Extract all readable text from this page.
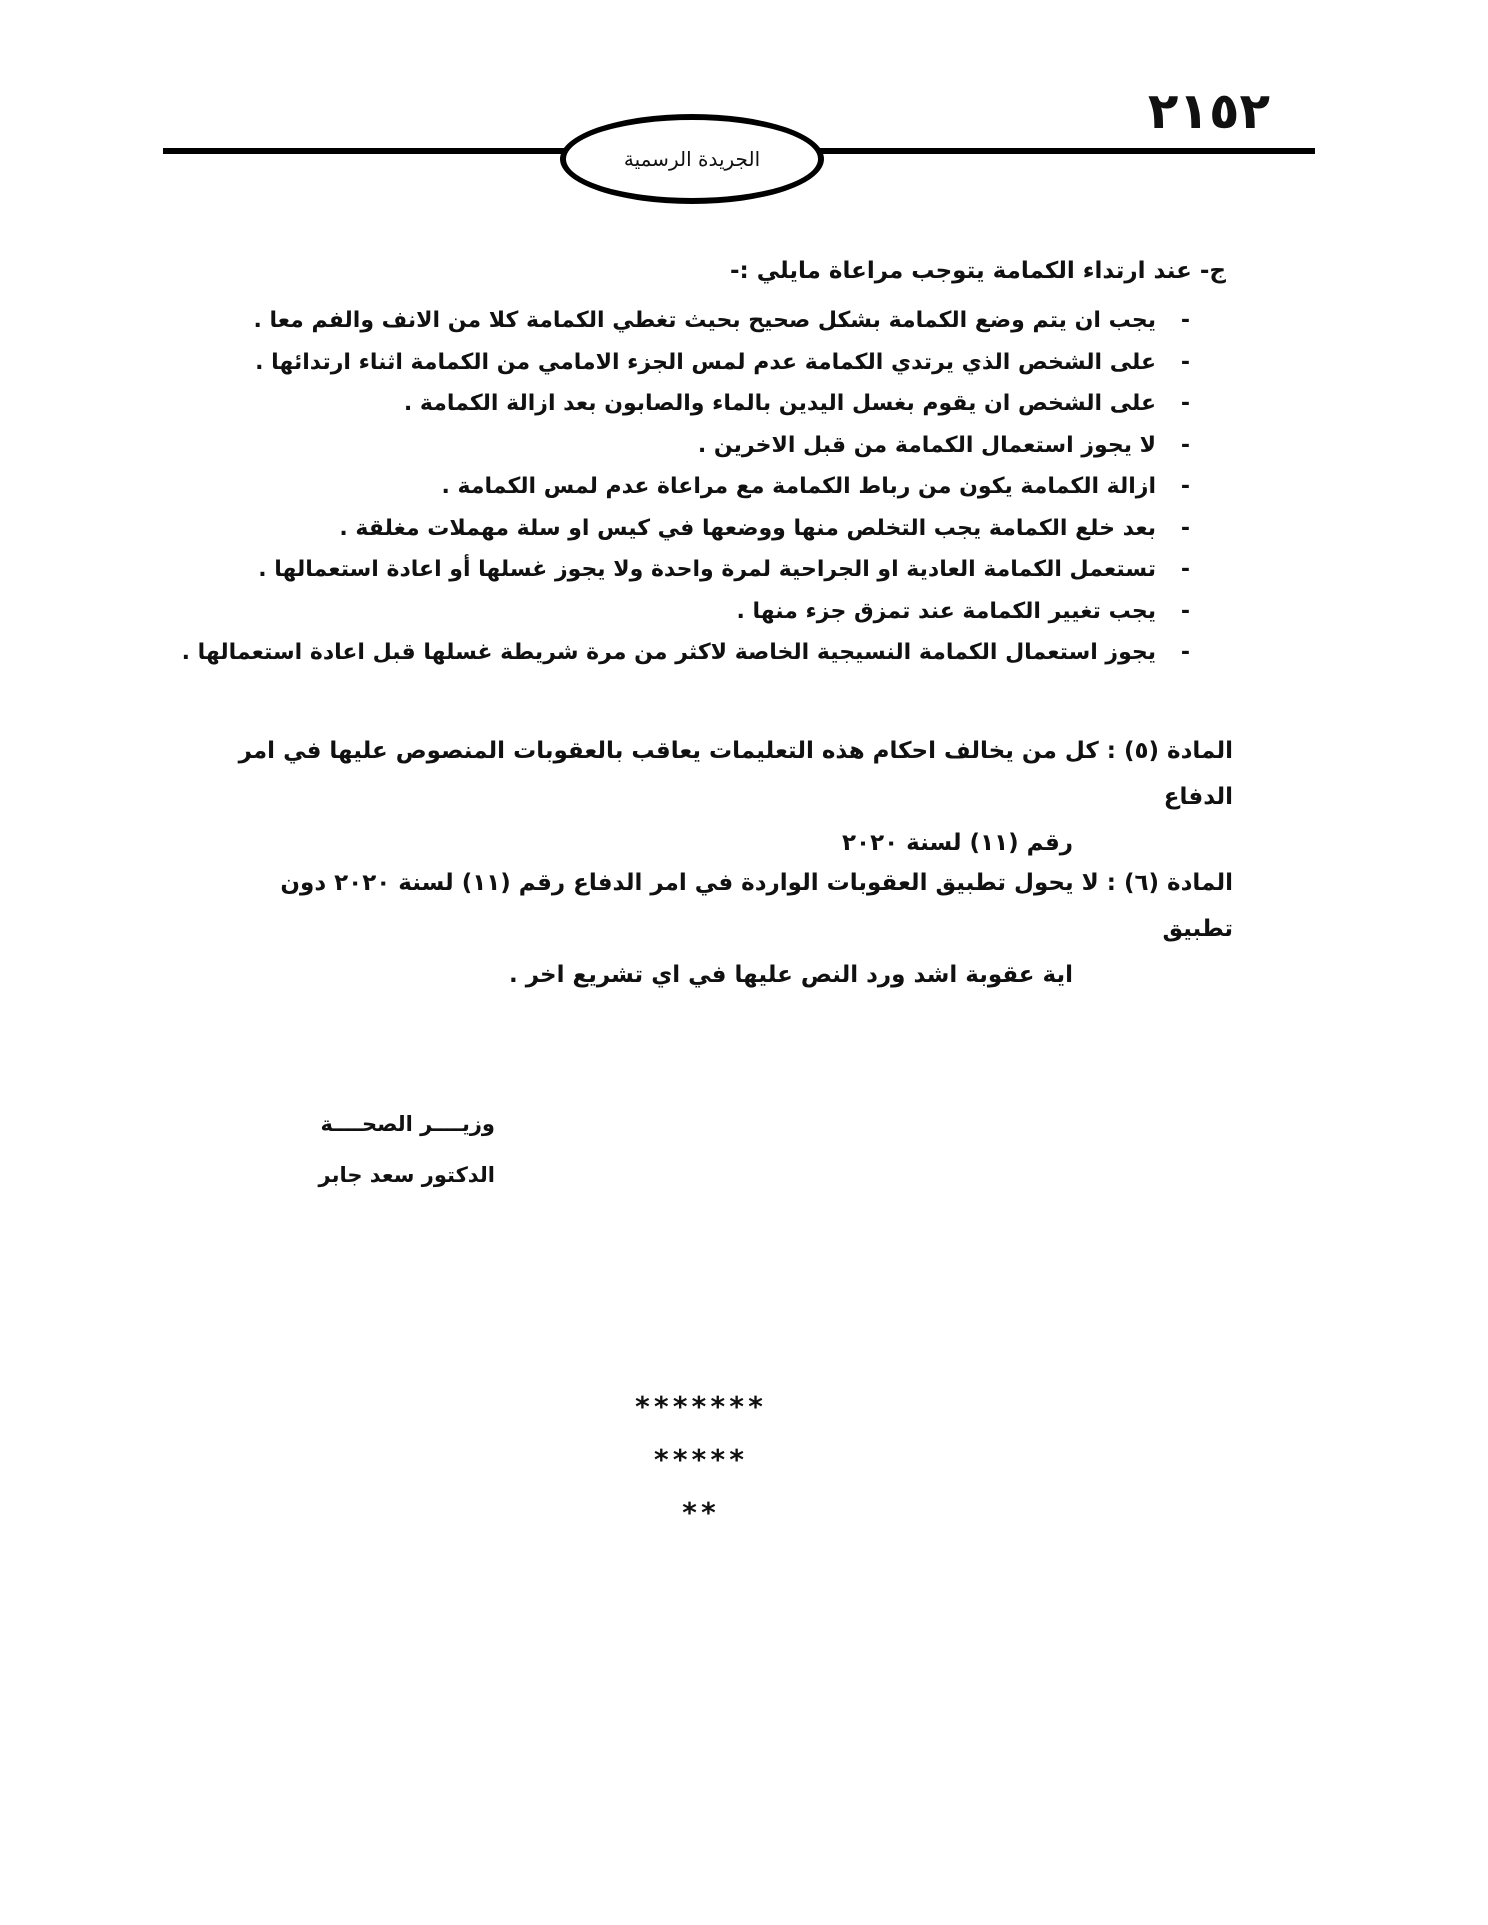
٢١٥٢
الجريدة الرسمية
ج- عند ارتداء الكمامة يتوجب مراعاة مايلي :-
-يجب ان يتم وضع الكمامة بشكل صحيح بحيث تغطي الكمامة كلا من الانف والفم معا .
-على الشخص الذي يرتدي الكمامة عدم لمس الجزء الامامي من الكمامة اثناء ارتدائها .
-على الشخص ان يقوم بغسل اليدين بالماء والصابون بعد ازالة الكمامة .
-لا يجوز استعمال الكمامة من قبل الاخرين .
-ازالة الكمامة يكون من رباط الكمامة مع مراعاة عدم لمس الكمامة .
-بعد خلع الكمامة يجب التخلص منها ووضعها في كيس او سلة مهملات مغلقة .
-تستعمل الكمامة العادية او الجراحية لمرة واحدة ولا يجوز غسلها أو اعادة استعمالها .
-يجب تغيير الكمامة عند تمزق جزء منها .
-يجوز استعمال الكمامة النسيجية الخاصة لاكثر من مرة شريطة غسلها قبل اعادة استعمالها .
المادة (٥) : كل من يخالف احكام هذه التعليمات يعاقب بالعقوبات المنصوص عليها في امر الدفاع
رقم (١١) لسنة ٢٠٢٠
المادة (٦) : لا يحول تطبيق العقوبات الواردة في امر الدفاع رقم (١١) لسنة ٢٠٢٠ دون تطبيق
اية عقوبة اشد ورد النص عليها في اي تشريع اخر .
وزيــــر الصحــــة
الدكتور سعد جابر
*******
*****
**
